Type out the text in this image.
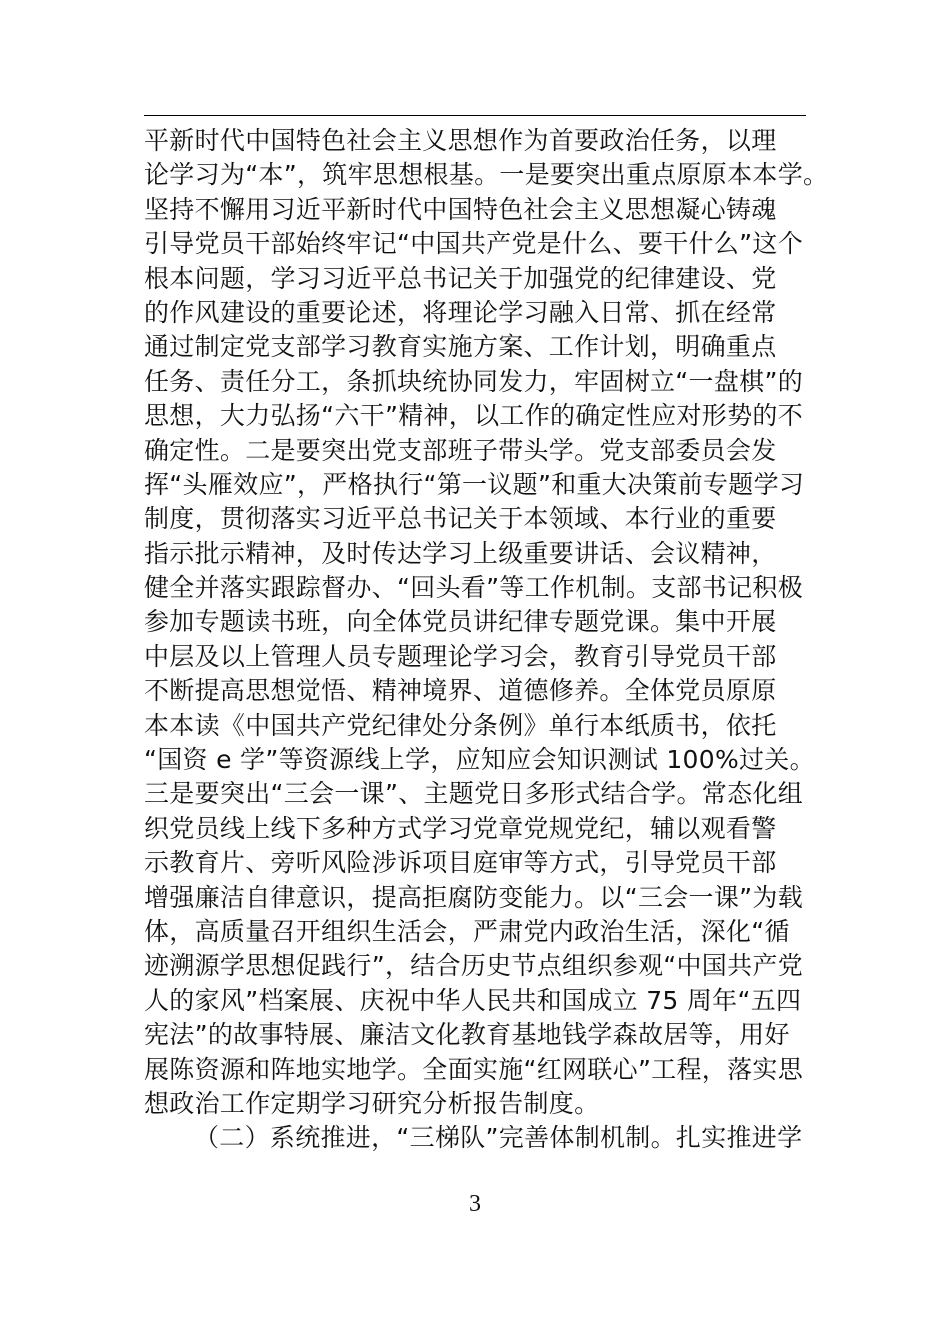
平新时代中国特色社会主义思想作为首要政治任务，以理
论学习为“本”，筑牢思想根基。一是要突出重点原原本本学。
坚持不懈用习近平新时代中国特色社会主义思想凝心铸魂
引导党员干部始终牢记“中国共产党是什么、要干什么”这个
根本问题，学习习近平总书记关于加强党的纪律建设、党
的作风建设的重要论述，将理论学习融入日常、抓在经常
通过制定党支部学习教育实施方案、工作计划，明确重点
任务、责任分工，条抓块统协同发力，牢固树立“一盘棋”的
思想，大力弘扬“六干”精神，以工作的确定性应对形势的不
确定性。二是要突出党支部班子带头学。党支部委员会发
挥“头雁效应”，严格执行“第一议题”和重大决策前专题学习
制度，贯彻落实习近平总书记关于本领域、本行业的重要
指示批示精神，及时传达学习上级重要讲话、会议精神，
健全并落实跟踪督办、“回头看”等工作机制。支部书记积极
参加专题读书班，向全体党员讲纪律专题党课。集中开展
中层及以上管理人员专题理论学习会，教育引导党员干部
不断提高思想觉悟、精神境界、道德修养。全体党员原原
本本读《中国共产党纪律处分条例》单行本纸质书，依托
“国资 e 学”等资源线上学，应知应会知识测试 100%过关。
三是要突出“三会一课”、主题党日多形式结合学。常态化组
织党员线上线下多种方式学习党章党规党纪，辅以观看警
示教育片、旁听风险涉诉项目庭审等方式，引导党员干部
增强廉洁自律意识，提高拒腐防变能力。以“三会一课”为载
体，高质量召开组织生活会，严肃党内政治生活，深化“循
迹溯源学思想促践行”，结合历史节点组织参观“中国共产党
人的家风”档案展、庆祝中华人民共和国成立 75 周年“五四
宪法”的故事特展、廉洁文化教育基地钱学森故居等，用好
展陈资源和阵地实地学。全面实施“红网联心”工程，落实思
想政治工作定期学习研究分析报告制度。
（二）系统推进，“三梯队”完善体制机制。扎实推进学
3
